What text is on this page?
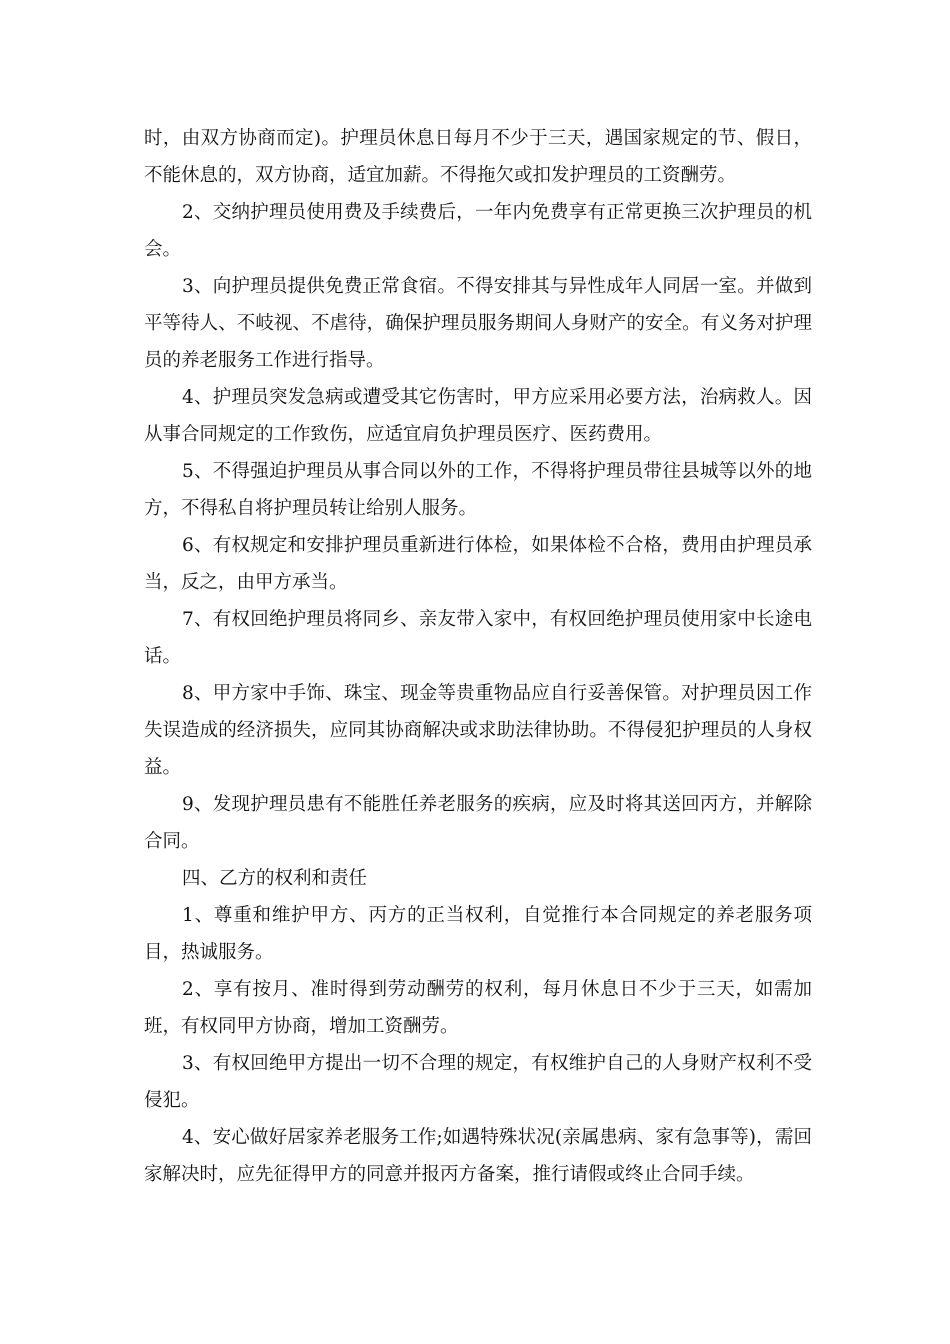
时，由双方协商而定)。护理员休息日每月不少于三天，遇国家规定的节、假日，不能休息的，双方协商，适宜加薪。不得拖欠或扣发护理员的工资酬劳。

2、交纳护理员使用费及手续费后，一年内免费享有正常更换三次护理员的机会。

3、向护理员提供免费正常食宿。不得安排其与异性成年人同居一室。并做到平等待人、不岐视、不虐待，确保护理员服务期间人身财产的安全。有义务对护理员的养老服务工作进行指导。

4、护理员突发急病或遭受其它伤害时，甲方应采用必要方法，治病救人。因从事合同规定的工作致伤，应适宜肩负护理员医疗、医药费用。

5、不得强迫护理员从事合同以外的工作，不得将护理员带往县城等以外的地方，不得私自将护理员转让给别人服务。

6、有权规定和安排护理员重新进行体检，如果体检不合格，费用由护理员承当，反之，由甲方承当。

7、有权回绝护理员将同乡、亲友带入家中，有权回绝护理员使用家中长途电话。

8、甲方家中手饰、珠宝、现金等贵重物品应自行妥善保管。对护理员因工作失误造成的经济损失，应同其协商解决或求助法律协助。不得侵犯护理员的人身权益。

9、发现护理员患有不能胜任养老服务的疾病，应及时将其送回丙方，并解除合同。

四、乙方的权利和责任

1、尊重和维护甲方、丙方的正当权利，自觉推行本合同规定的养老服务项目，热诚服务。

2、享有按月、准时得到劳动酬劳的权利，每月休息日不少于三天，如需加班，有权同甲方协商，增加工资酬劳。

3、有权回绝甲方提出一切不合理的规定，有权维护自己的人身财产权利不受侵犯。

4、安心做好居家养老服务工作;如遇特殊状况(亲属患病、家有急事等)，需回家解决时，应先征得甲方的同意并报丙方备案，推行请假或终止合同手续。
